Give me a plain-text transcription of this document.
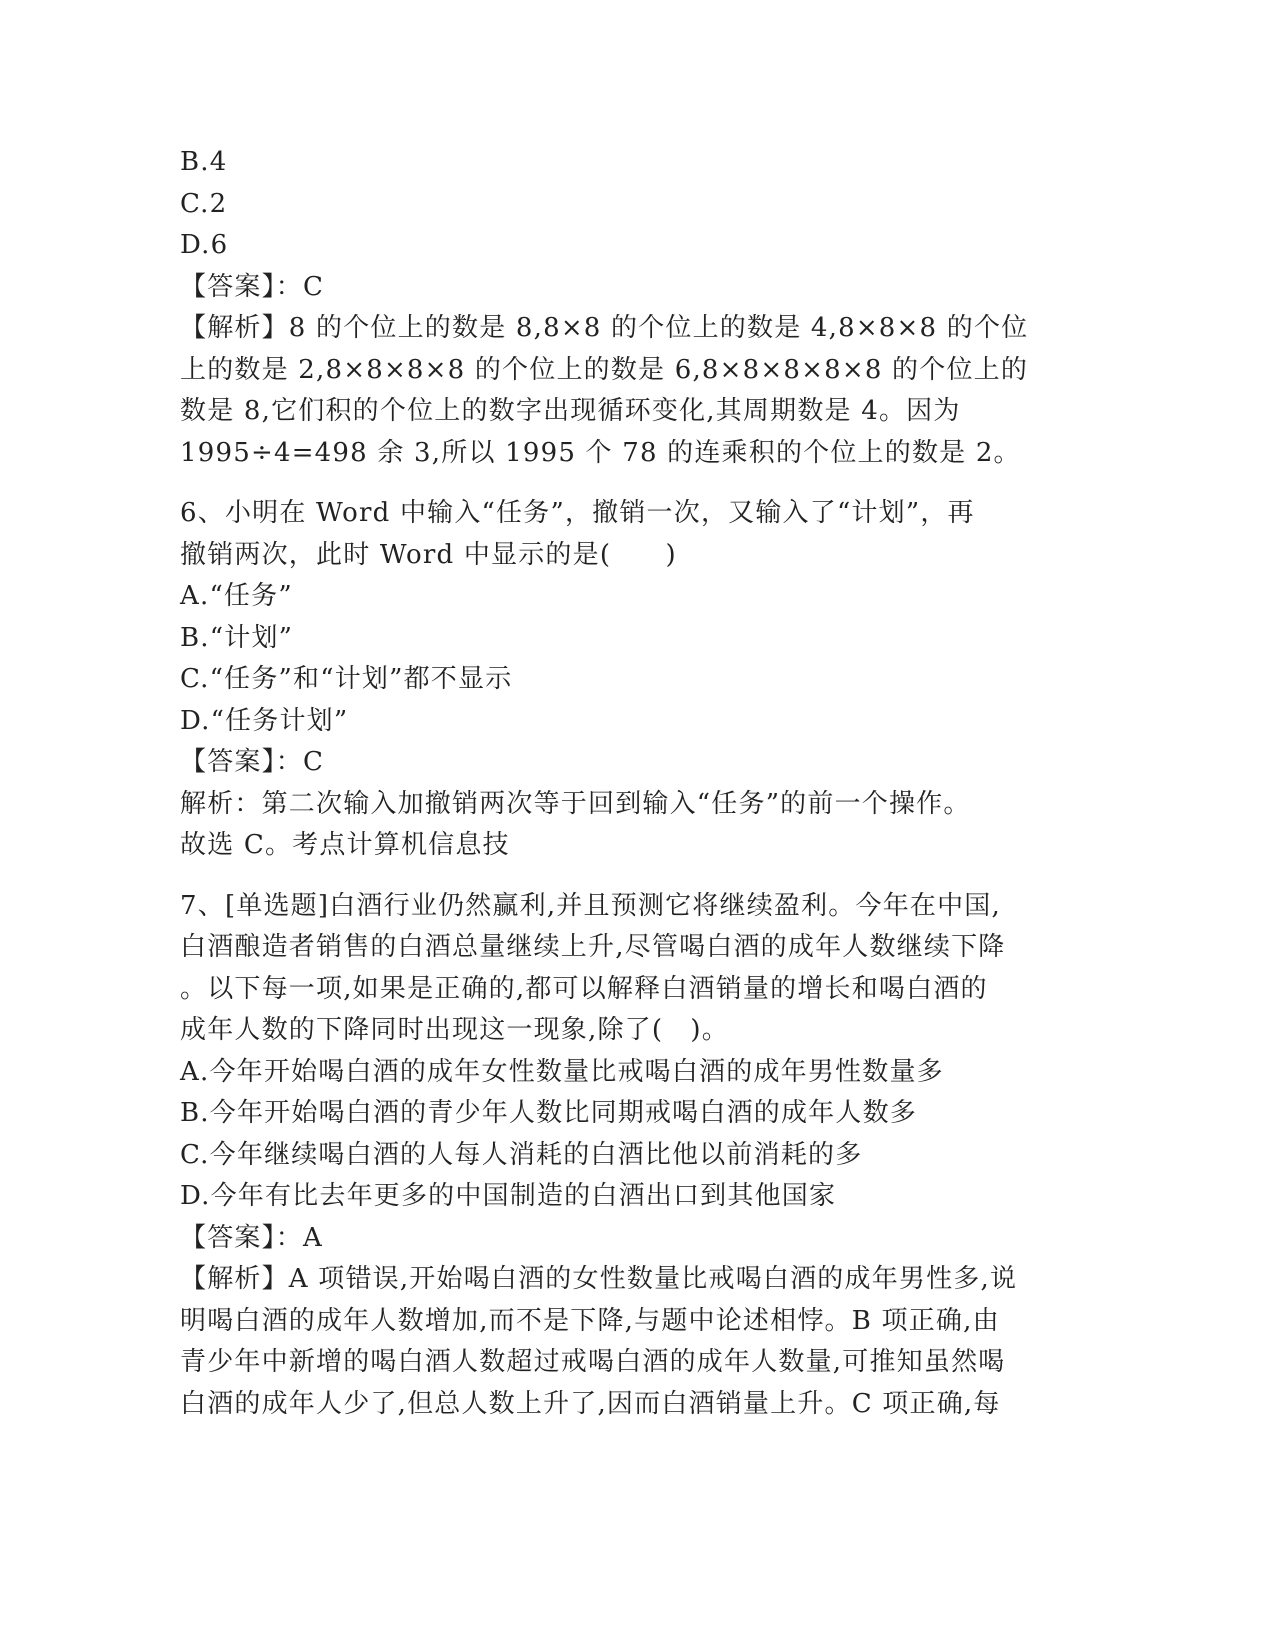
B.4
C.2
D.6
【答案】：C
【解析】8 的个位上的数是 8,8×8 的个位上的数是 4,8×8×8 的个位
上的数是 2,8×8×8×8 的个位上的数是 6,8×8×8×8×8 的个位上的
数是 8,它们积的个位上的数字出现循环变化,其周期数是 4。因为
1995÷4=498 余 3,所以 1995 个 78 的连乘积的个位上的数是 2。
6、小明在 Word 中输入“任务”，撤销一次，又输入了“计划”，再
撤销两次，此时 Word 中显示的是(　　)
A.“任务”
B.“计划”
C.“任务”和“计划”都不显示
D.“任务计划”
【答案】：C
解析：第二次输入加撤销两次等于回到输入“任务”的前一个操作。
故选 C。考点计算机信息技
7、[单选题]白酒行业仍然赢利,并且预测它将继续盈利。今年在中国,
白酒酿造者销售的白酒总量继续上升,尽管喝白酒的成年人数继续下降
。以下每一项,如果是正确的,都可以解释白酒销量的增长和喝白酒的
成年人数的下降同时出现这一现象,除了(　)。
A.今年开始喝白酒的成年女性数量比戒喝白酒的成年男性数量多
B.今年开始喝白酒的青少年人数比同期戒喝白酒的成年人数多
C.今年继续喝白酒的人每人消耗的白酒比他以前消耗的多
D.今年有比去年更多的中国制造的白酒出口到其他国家
【答案】：A
【解析】A 项错误,开始喝白酒的女性数量比戒喝白酒的成年男性多,说
明喝白酒的成年人数增加,而不是下降,与题中论述相悖。B 项正确,由
青少年中新增的喝白酒人数超过戒喝白酒的成年人数量,可推知虽然喝
白酒的成年人少了,但总人数上升了,因而白酒销量上升。C 项正确,每
